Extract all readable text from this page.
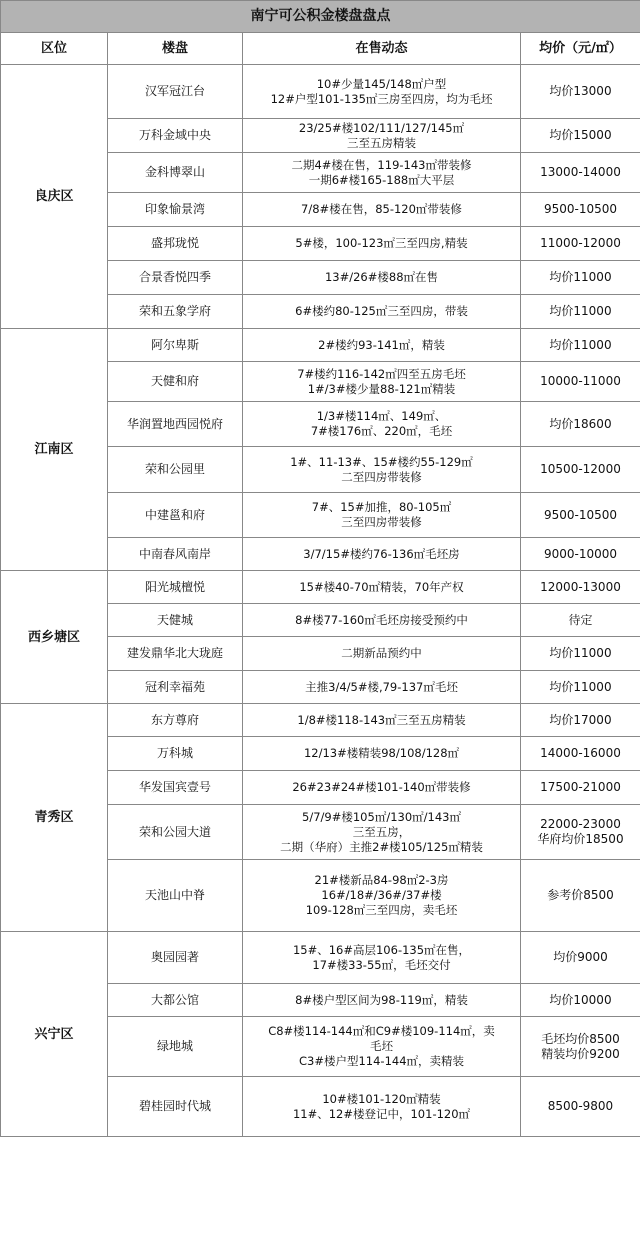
南宁可公积金楼盘盘点			
区位	楼盘	在售动态	均价（元/㎡）
良庆区	汉军冠江台	10#少量145/148㎡户型
12#户型101-135㎡三房至四房，均为毛坯	均价13000

	万科金域中央	23/25#楼102/111/127/145㎡
三至五房精装	均价15000

	金科博翠山	二期4#楼在售，119-143㎡带装修
一期6#楼165-188㎡大平层	13000-14000

	印象愉景湾	7/8#楼在售，85-120㎡带装修	9500-10500

	盛邦珑悦	5#楼，100-123㎡三至四房,精装	11000-12000

	合景香悦四季	13#/26#楼88㎡在售	均价11000

	荣和五象学府	6#楼约80-125㎡三至四房，带装	均价11000

江南区	阿尔卑斯	2#楼约93-141㎡，精装	均价11000

	天健和府	7#楼约116-142㎡四至五房毛坯
1#/3#楼少量88-121㎡精装	10000-11000

	华润置地西园悦府	1/3#楼114㎡、149㎡、
7#楼176㎡、220㎡，毛坯	均价18600

	荣和公园里	1#、11-13#、15#楼约55-129㎡
二至四房带装修	10500-12000

	中建邕和府	7#、15#加推，80-105㎡
三至四房带装修	9500-10500

	中南春风南岸	3/7/15#楼约76-136㎡毛坯房	9000-10000

西乡塘区	阳光城檀悦	15#楼40-70㎡精装，70年产权	12000-13000

	天健城	8#楼77-160㎡毛坯房接受预约中	待定

	建发鼎华北大珑庭	二期新品预约中	均价11000

	冠利幸福苑	主推3/4/5#楼,79-137㎡毛坯	均价11000

青秀区	东方尊府	1/8#楼118-143㎡三至五房精装	均价17000

	万科城	12/13#楼精装98/108/128㎡	14000-16000

	华发国宾壹号	26#23#24#楼101-140㎡带装修	17500-21000

	荣和公园大道	5/7/9#楼105㎡/130㎡/143㎡
三至五房，
二期（华府）主推2#楼105/125㎡精装	22000-23000
华府均价18500

	天池山中脊	21#楼新品84-98㎡2-3房
16#/18#/36#/37#楼
109-128㎡三至四房，卖毛坯	参考价8500

兴宁区	奥园园著	15#、16#高层106-135㎡在售，
17#楼33-55㎡，毛坯交付	均价9000

	大都公馆	8#楼户型区间为98-119㎡，精装	均价10000

	绿地城	C8#楼114-144㎡和C9#楼109-114㎡，卖
毛坯
C3#楼户型114-144㎡，卖精装	毛坯均价8500
精装均价9200

	碧桂园时代城	10#楼101-120㎡精装
11#、12#楼登记中，101-120㎡	8500-9800
